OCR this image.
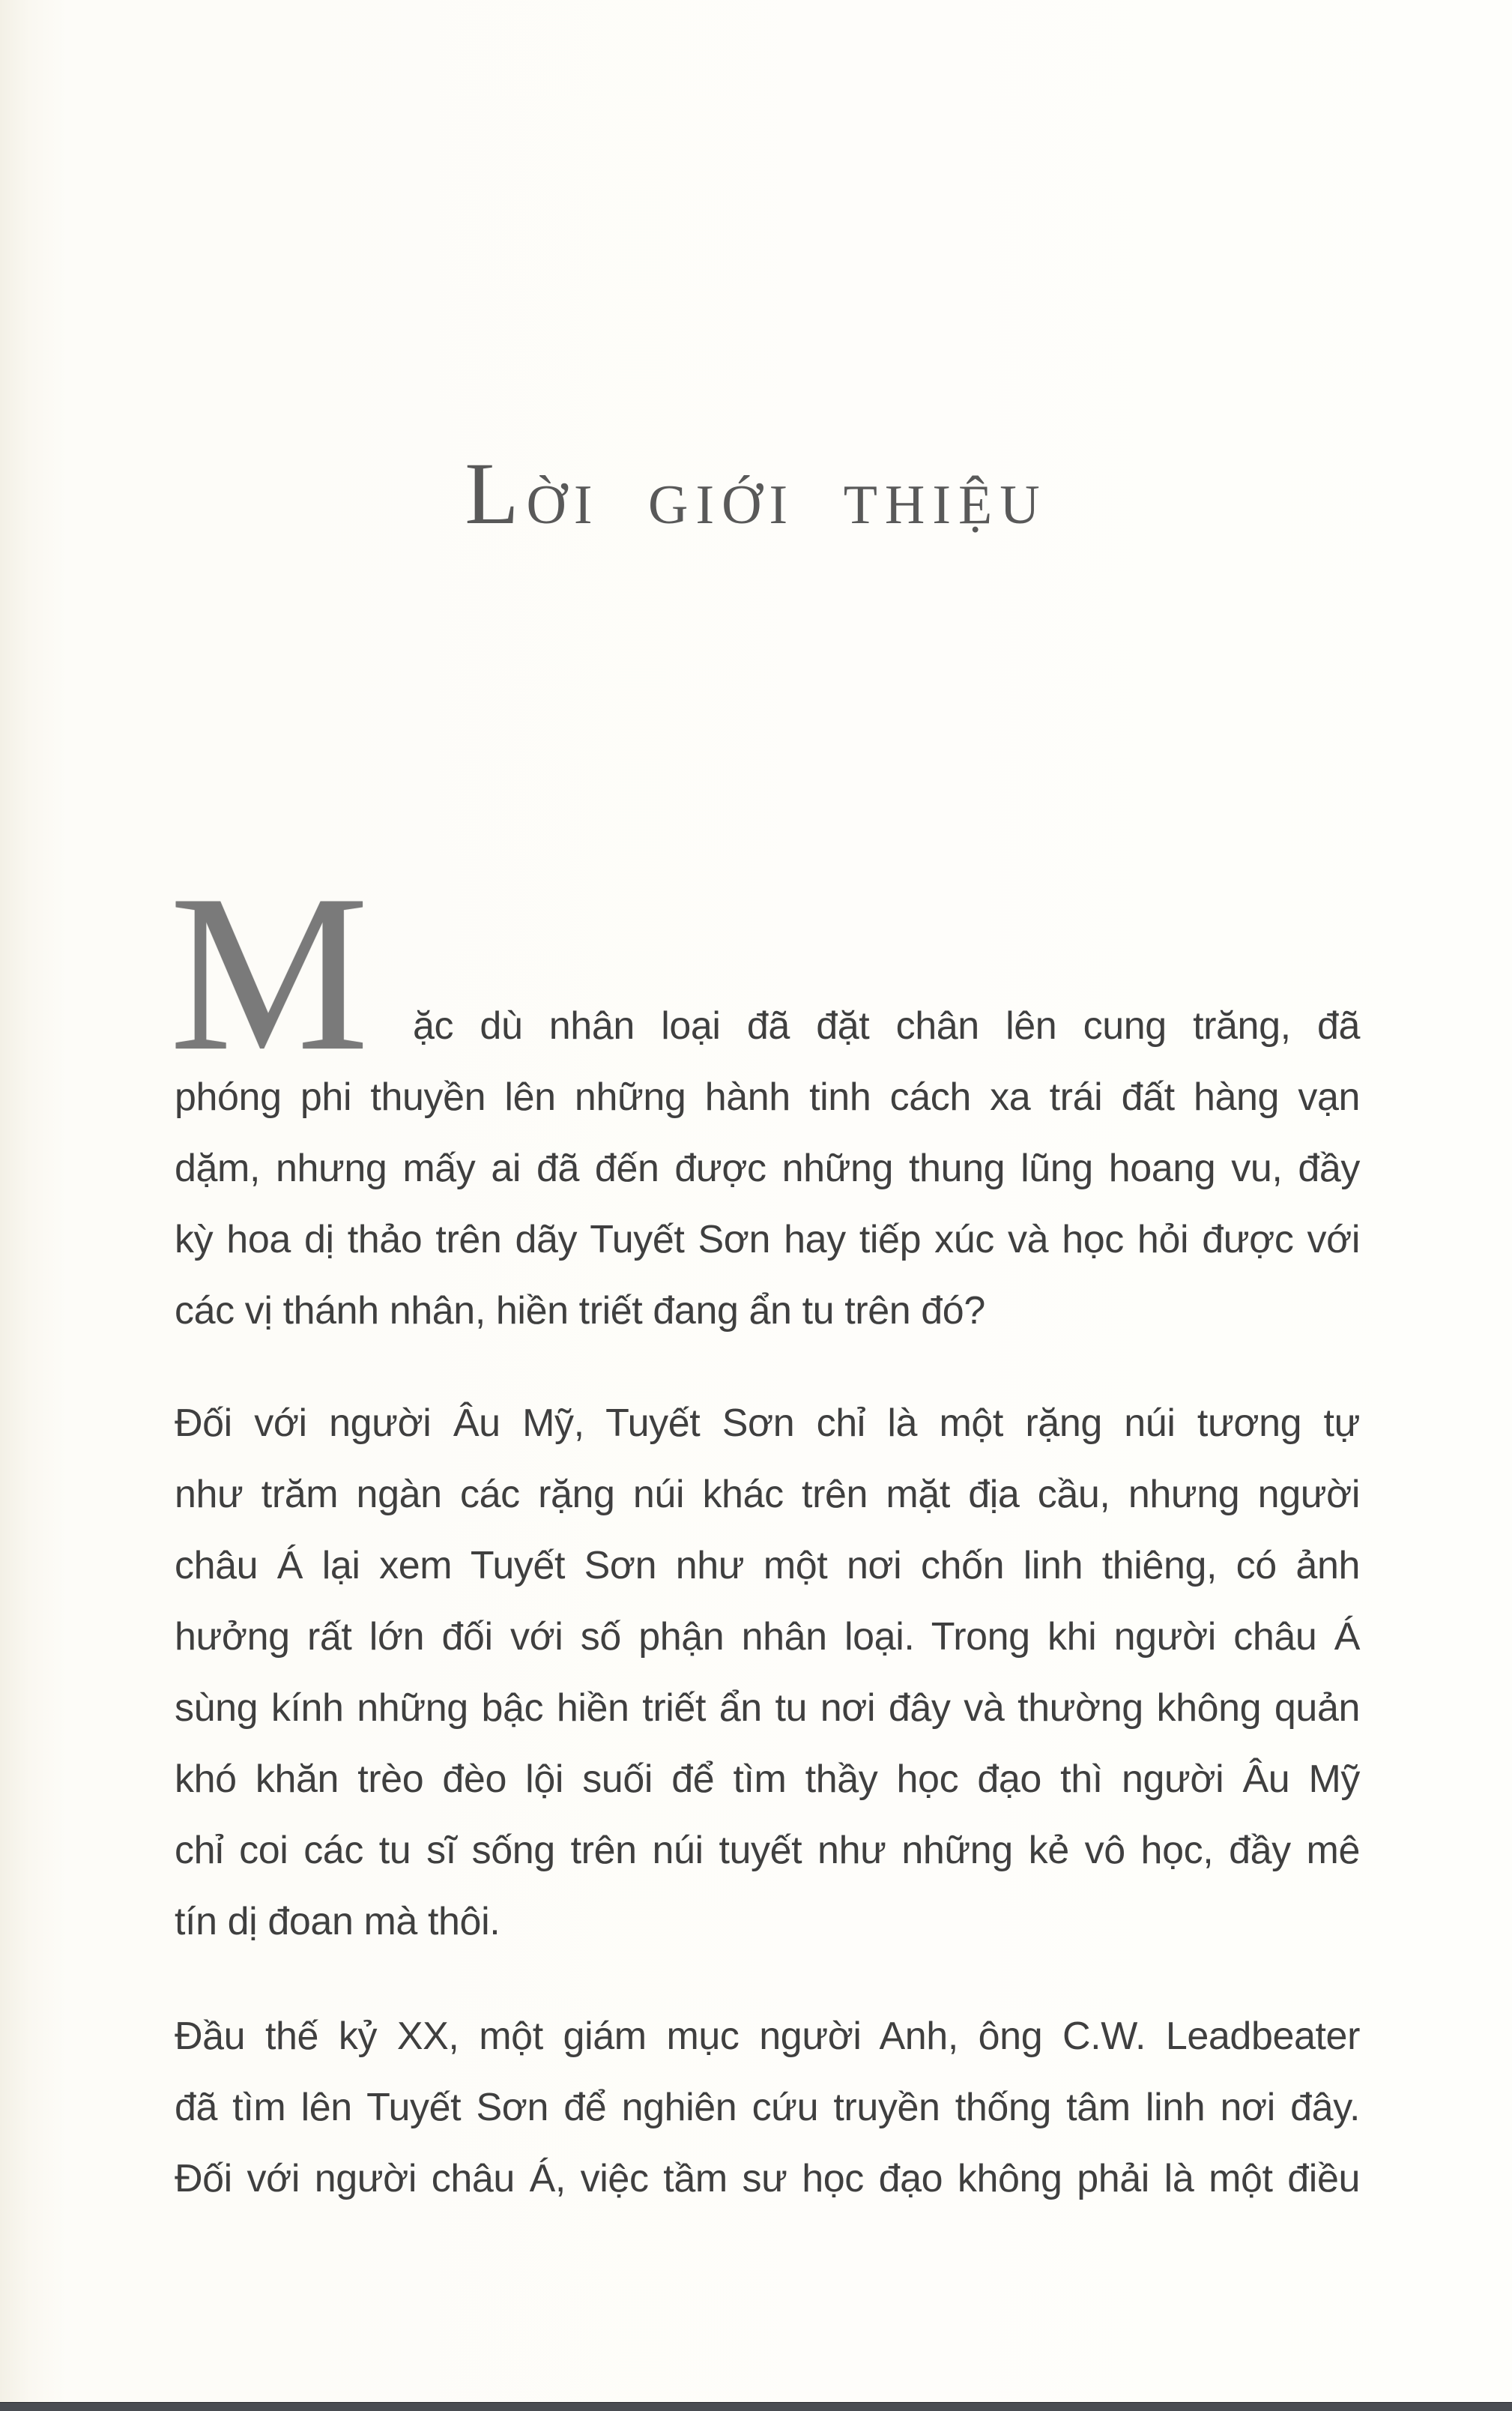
Lời giới thiệu
M	ặc dù nhân loại đã đặt chân lên cung trăng, đã
phóng phi thuyền lên những hành tinh cách xa trái đất hàng vạn
dặm, nhưng mấy ai đã đến được những thung lũng hoang vu, đầy
kỳ hoa dị thảo trên dãy Tuyết Sơn hay tiếp xúc và học hỏi được với
các vị thánh nhân, hiền triết đang ẩn tu trên đó?
Đối với người Âu Mỹ, Tuyết Sơn chỉ là một rặng núi tương tự
như trăm ngàn các rặng núi khác trên mặt địa cầu, nhưng người
châu Á lại xem Tuyết Sơn như một nơi chốn linh thiêng, có ảnh
hưởng rất lớn đối với số phận nhân loại. Trong khi người châu Á
sùng kính những bậc hiền triết ẩn tu nơi đây và thường không quản
khó khăn trèo đèo lội suối để tìm thầy học đạo thì người Âu Mỹ
chỉ coi các tu sĩ sống trên núi tuyết như những kẻ vô học, đầy mê
tín dị đoan mà thôi.
Đầu thế kỷ XX, một giám mục người Anh, ông C.W. Leadbeater
đã tìm lên Tuyết Sơn để nghiên cứu truyền thống tâm linh nơi đây.
Đối với người châu Á, việc tầm sư học đạo không phải là một điều
